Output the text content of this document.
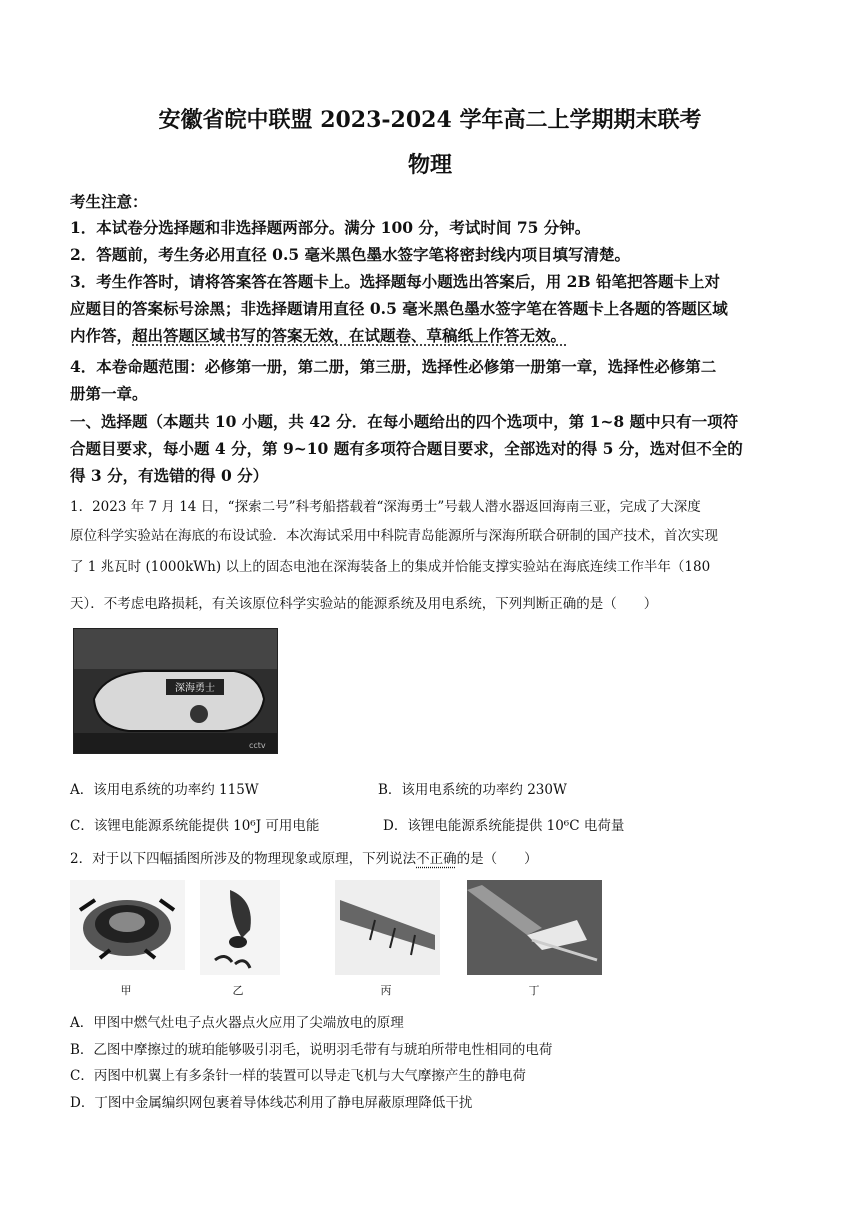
安徽省皖中联盟 2023-2024 学年高二上学期期末联考
物理
考生注意：
1．本试卷分选择题和非选择题两部分。满分 100 分，考试时间 75 分钟。
2．答题前，考生务必用直径 0.5 毫米黑色墨水签字笔将密封线内项目填写清楚。
3．考生作答时，请将答案答在答题卡上。选择题每小题选出答案后，用 2B 铅笔把答题卡上对
应题目的答案标号涂黑；非选择题请用直径 0.5 毫米黑色墨水签字笔在答题卡上各题的答题区域
内作答，超出答题区域书写的答案无效，在试题卷、草稿纸上作答无效。
4．本卷命题范围：必修第一册，第二册，第三册，选择性必修第一册第一章，选择性必修第二
册第一章。
一、选择题（本题共 10 小题，共 42 分．在每小题给出的四个选项中，第 1~8 题中只有一项符
合题目要求，每小题 4 分，第 9~10 题有多项符合题目要求，全部选对的得 5 分，选对但不全的
得 3 分，有选错的得 0 分）
1．2023 年 7 月 14 日，“探索二号”科考船搭载着“深海勇士”号载人潜水器返回海南三亚，完成了大深度
原位科学实验站在海底的布设试验．本次海试采用中科院青岛能源所与深海所联合研制的国产技术，首次实现
了 1 兆瓦时 (1000kWh) 以上的固态电池在深海装备上的集成并恰能支撑实验站在海底连续工作半年（180
天）．不考虑电路损耗，有关该原位科学实验站的能源系统及用电系统，下列判断正确的是（　　）
深海勇士
cctv
A．该用电系统的功率约 115W	B．该用电系统的功率约 230W
C．该锂电能源系统能提供 10⁶J 可用电能	D．该锂电能源系统能提供 10⁶C 电荷量
2．对于以下四幅插图所涉及的物理现象或原理，下列说法不正确的是（　　）
甲	乙	丙	丁
A．甲图中燃气灶电子点火器点火应用了尖端放电的原理
B．乙图中摩擦过的琥珀能够吸引羽毛，说明羽毛带有与琥珀所带电性相同的电荷
C．丙图中机翼上有多条针一样的装置可以导走飞机与大气摩擦产生的静电荷
D．丁图中金属编织网包裹着导体线芯利用了静电屏蔽原理降低干扰
